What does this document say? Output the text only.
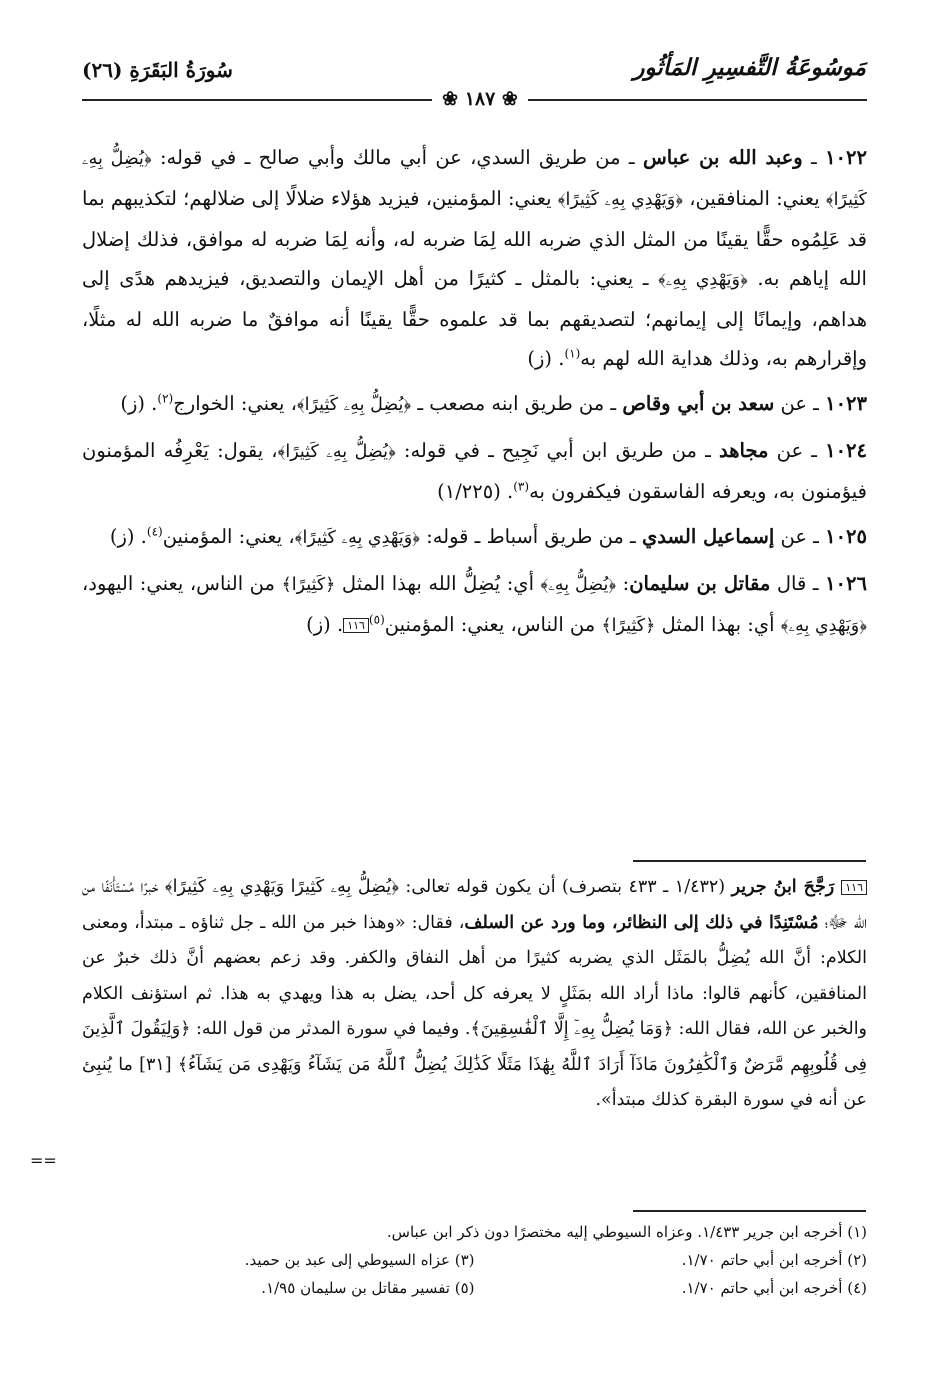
مَوسُوعَةُ التَّفسِيرِ المَأثُور
سُورَةُ البَقَرَةِ (٢٦)
❀ ١٨٧ ❀

١٠٢٢ ـ وعبد الله بن عباس ـ من طريق السدي، عن أبي مالك وأبي صالح ـ في قوله: ﴿يُضِلُّ بِهِۦ كَثِيرًا﴾ يعني: المنافقين، ﴿وَيَهْدِي بِهِۦ كَثِيرًا﴾ يعني: المؤمنين، فيزيد هؤلاء ضلالًا إلى ضلالهم؛ لتكذيبهم بما قد عَلِمُوه حقًّا يقينًا من المثل الذي ضربه الله لِمَا ضربه له، وأنه لِمَا ضربه له موافق، فذلك إضلال الله إياهم به. ﴿وَيَهْدِي بِهِۦ﴾ ـ يعني: بالمثل ـ كثيرًا من أهل الإيمان والتصديق، فيزيدهم هدًى إلى هداهم، وإيمانًا إلى إيمانهم؛ لتصديقهم بما قد علموه حقًّا يقينًا أنه موافقٌ ما ضربه الله له مثلًا، وإقرارهم به، وذلك هداية الله لهم به$^{(١)}$. (ز)

١٠٢٣ ـ عن سعد بن أبي وقاص ـ من طريق ابنه مصعب ـ ﴿يُضِلُّ بِهِۦ كَثِيرًا﴾، يعني: الخوارج$^{(٢)}$. (ز)

١٠٢٤ ـ عن مجاهد ـ من طريق ابن أبي نَجِيح ـ في قوله: ﴿يُضِلُّ بِهِۦ كَثِيرًا﴾، يقول: يَعْرِفُه المؤمنون فيؤمنون به، ويعرفه الفاسقون فيكفرون به$^{(٣)}$. (١/٢٢٥)

١٠٢٥ ـ عن إسماعيل السدي ـ من طريق أسباط ـ قوله: ﴿وَيَهْدِي بِهِۦ كَثِيرًا﴾، يعني: المؤمنين$^{(٤)}$. (ز)

١٠٢٦ ـ قال مقاتل بن سليمان: ﴿يُضِلُّ بِهِۦ﴾ أي: يُضِلُّ الله بهذا المثل ﴿كَثِيرًا﴾ من الناس، يعني: اليهود، ﴿وَيَهْدِي بِهِۦ﴾ أي: بهذا المثل ﴿كَثِيرًا﴾ من الناس، يعني: المؤمنين$^{(٥)}$١١٦. (ز)

١١٦ رَجَّحَ ابنُ جرير (١/٤٣٢ ـ ٤٣٣ بتصرف) أن يكون قوله تعالى: ﴿يُضِلُّ بِهِۦ كَثِيرًا وَيَهْدِي بِهِۦ كَثِيرًا﴾ خبرًا مُسْتَأْنَفًا من الله ﷻ؛ مُسْتَنِدًا في ذلك إلى النظائر، وما ورد عن السلف، فقال: «وهذا خبر من الله ـ جل ثناؤه ـ مبتدأ، ومعنى الكلام: أنَّ الله يُضِلُّ بالمَثَل الذي يضربه كثيرًا من أهل النفاق والكفر. وقد زعم بعضهم أنَّ ذلك خبرٌ عن المنافقين، كأنهم قالوا: ماذا أراد الله بمَثَلٍ لا يعرفه كل أحد، يضل به هذا ويهدي به هذا. ثم استؤنف الكلام والخبر عن الله، فقال الله: ﴿وَمَا يُضِلُّ بِهِۦٓ إِلَّا ٱلْفَٰسِقِينَ﴾. وفيما في سورة المدثر من قول الله: ﴿وَلِيَقُولَ ٱلَّذِينَ فِى قُلُوبِهِم مَّرَضٌ وَٱلْكَٰفِرُونَ مَاذَآ أَرَادَ ٱللَّهُ بِهَٰذَا مَثَلًا كَذَٰلِكَ يُضِلُّ ٱللَّهُ مَن يَشَآءُ وَيَهْدِى مَن يَشَآءُ﴾ [٣١] ما يُنبِئ عن أنه في سورة البقرة كذلك مبتدأ».
==
(١) أخرجه ابن جرير ١/٤٣٣. وعزاه السيوطي إليه مختصرًا دون ذكر ابن عباس.
(٢) أخرجه ابن أبي حاتم ١/٧٠.
(٣) عزاه السيوطي إلى عبد بن حميد.
(٤) أخرجه ابن أبي حاتم ١/٧٠.
(٥) تفسير مقاتل بن سليمان ١/٩٥.
